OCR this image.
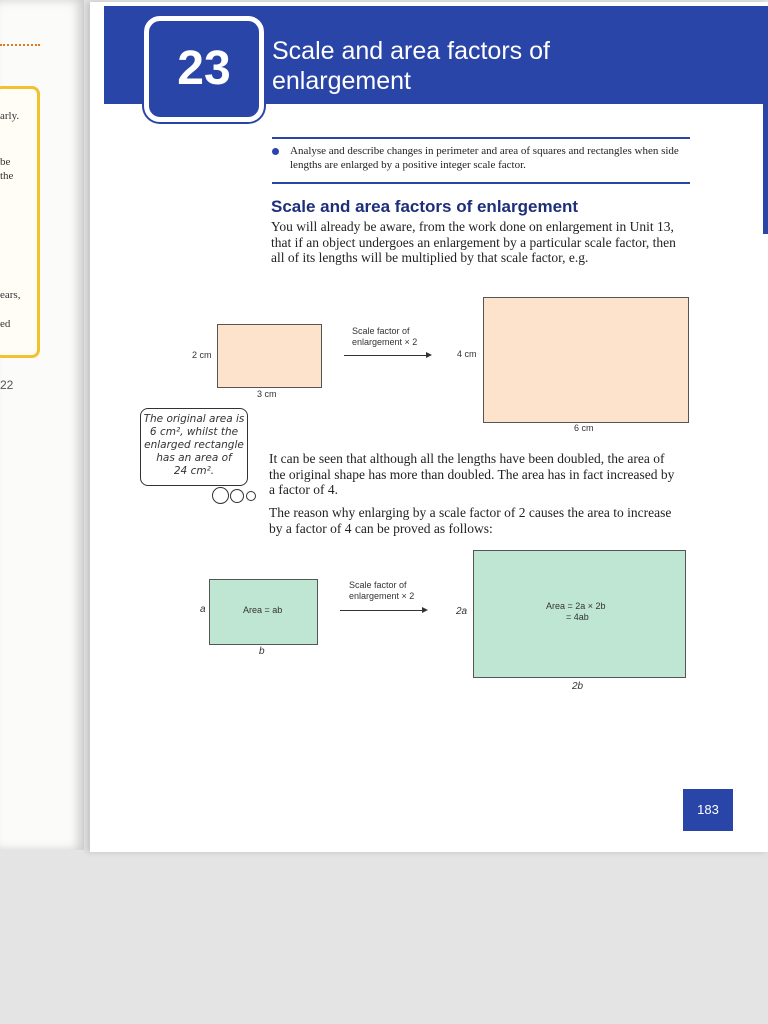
arly.
be
the
ears,
ed
22
23	Scale and area factors of
enlargement
Analyse and describe changes in perimeter and area of squares and rectangles when side lengths are enlarged by a positive integer scale factor.
Scale and area factors of enlargement
You will already be aware, from the work done on enlargement in Unit 13, that if an object undergoes an enlargement by a particular scale factor, then all of its lengths will be multiplied by that scale factor, e.g.
2 cm
3 cm
Scale factor of
enlargement × 2
4 cm
6 cm
The original area is
6 cm², whilst the
enlarged rectangle
has an area of
24 cm².
It can be seen that although all the lengths have been doubled, the area of the original shape has more than doubled. The area has in fact increased by a factor of 4.
The reason why enlarging by a scale factor of 2 causes the area to increase by a factor of 4 can be proved as follows:
a	Area = ab
b
Scale factor of
enlargement × 2
2a	Area = 2a × 2b
= 4ab
2b
183
